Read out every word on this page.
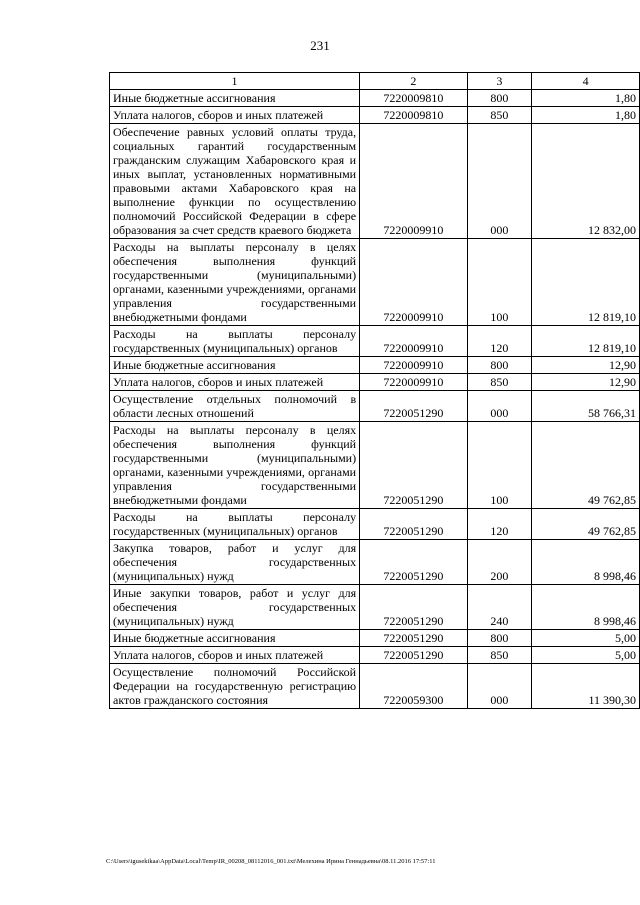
231
1	2	3	4
Иные бюджетные ассигнования	7220009810	800	1,80
Уплата налогов, сборов и иных платежей	7220009810	850	1,80
Обеспечение равных условий оплаты труда, социальных гарантий государственным гражданским служащим Хабаровского края и иных выплат, установленных нормативными правовыми актами Хабаровского края на выполнение функции по осуществлению полномочий Российской Федерации в сфере образования за счет средств краевого бюджета	7220009910	000	12 832,00
Расходы на выплаты персоналу в целях обеспечения выполнения функций государственными (муниципальными) органами, казенными учреждениями, органами управления государственными внебюджетными фондами	7220009910	100	12 819,10
Расходы на выплаты персоналу государственных (муниципальных) органов	7220009910	120	12 819,10
Иные бюджетные ассигнования	7220009910	800	12,90
Уплата налогов, сборов и иных платежей	7220009910	850	12,90
Осуществление отдельных полномочий в области лесных отношений	7220051290	000	58 766,31
Расходы на выплаты персоналу в целях обеспечения выполнения функций государственными (муниципальными) органами, казенными учреждениями, органами управления государственными внебюджетными фондами	7220051290	100	49 762,85
Расходы на выплаты персоналу государственных (муниципальных) органов	7220051290	120	49 762,85
Закупка товаров, работ и услуг для обеспечения государственных (муниципальных) нужд	7220051290	200	8 998,46
Иные закупки товаров, работ и услуг для обеспечения государственных (муниципальных) нужд	7220051290	240	8 998,46
Иные бюджетные ассигнования	7220051290	800	5,00
Уплата налогов, сборов и иных платежей	7220051290	850	5,00
Осуществление полномочий Российской Федерации на государственную регистрацию актов гражданского состояния	7220059300	000	11 390,30
C:\Users\igusekikaa\AppData\Local\Temp\IR_00208_08112016_001.txt\Мелехина Ирина Геннадьевна\08.11.2016 17:57:11
